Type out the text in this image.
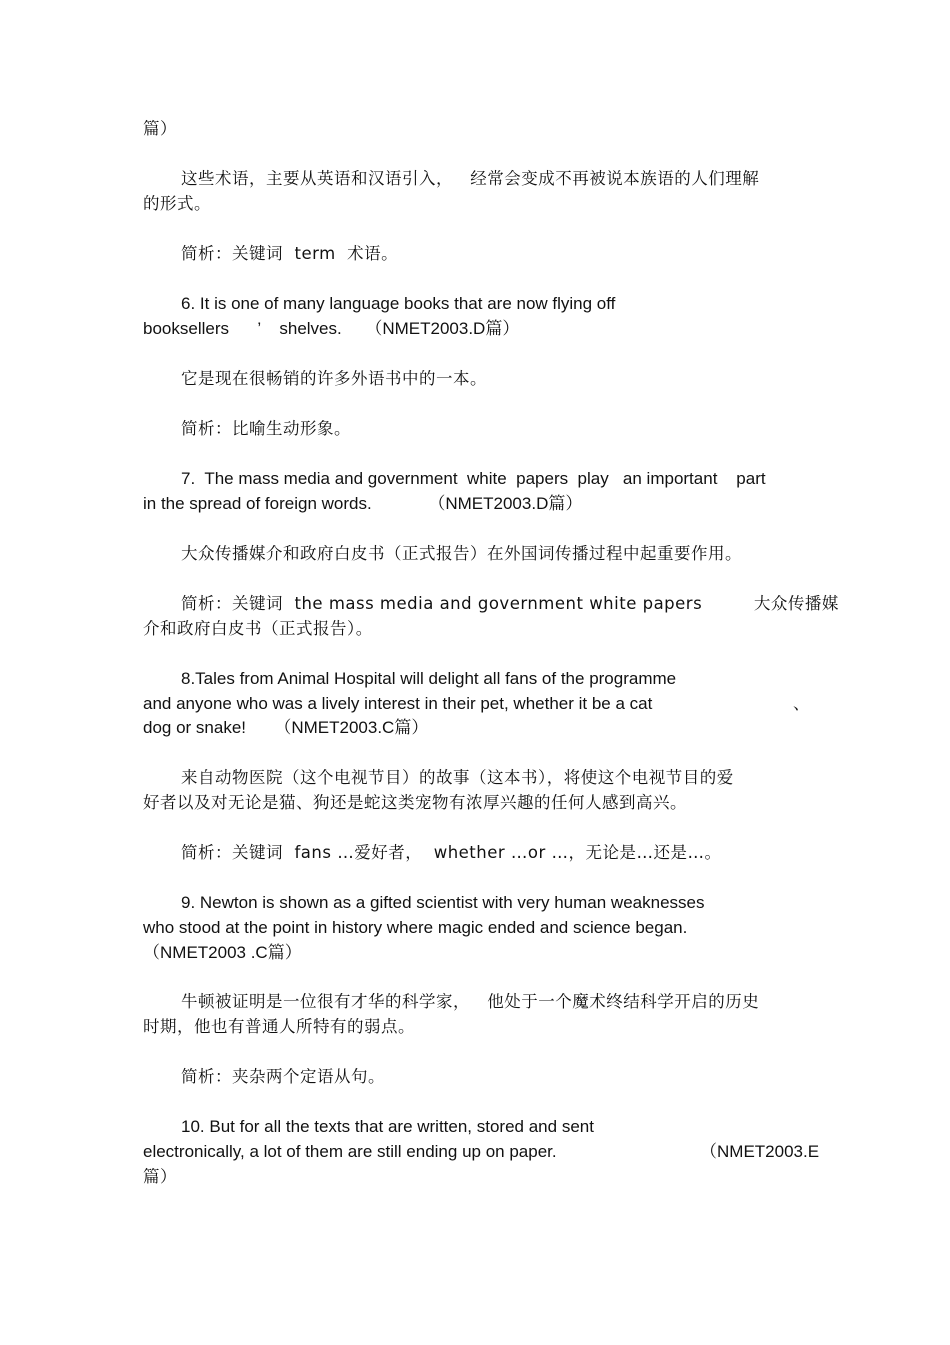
篇）
这些术语，主要从英语和汉语引入，   经常会变成不再被说本族语的人们理解
的形式。
简析：关键词  term  术语。
6. It is one of many language books that are now flying off
booksellers      ’    shelves.     （NMET2003.D篇）
它是现在很畅销的许多外语书中的一本。
简析：比喻生动形象。
7.  The mass media and government  white  papers  play   an important    part
in the spread of foreign words.            （NMET2003.D篇）
大众传播媒介和政府白皮书（正式报告）在外国词传播过程中起重要作用。
简析：关键词  the mass media and government white papers         大众传播媒
介和政府白皮书（正式报告）。
8.Tales from Animal Hospital will delight all fans of the programme
and anyone who was a lively interest in their pet, whether it be a cat	、
dog or snake!      （NMET2003.C篇）
来自动物医院（这个电视节目）的故事（这本书），将使这个电视节目的爱
好者以及对无论是猫、狗还是蛇这类宠物有浓厚兴趣的任何人感到高兴。
简析：关键词  fans …爱好者，  whether …or …，无论是…还是…。
9. Newton is shown as a gifted scientist with very human weaknesses
who stood at the point in history where magic ended and science began.
（NMET2003 .C篇）
牛顿被证明是一位很有才华的科学家，   他处于一个魔术终结科学开启的历史
时期，他也有普通人所特有的弱点。
简析：夹杂两个定语从句。
10. But for all the texts that are written, stored and sent
electronically, a lot of them are still ending up on paper.	（NMET2003.E
篇）
